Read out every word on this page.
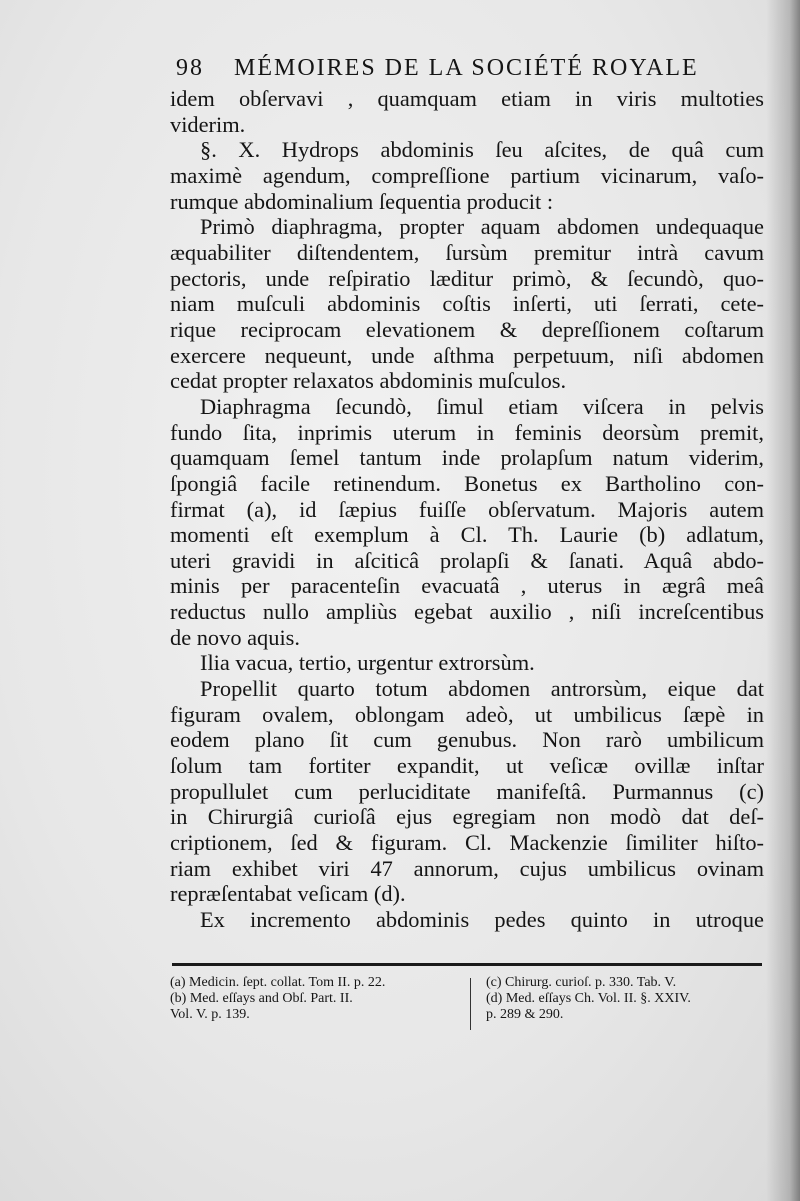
98 MÉMOIRES DE LA SOCIÉTÉ ROYALE
idem obſervavi , quamquam etiam in viris multoties
viderim.
§. X. Hydrops abdominis ſeu aſcites, de quâ cum
maximè agendum, compreſſione partium vicinarum, vaſo-
rumque abdominalium ſequentia producit :
Primò diaphragma, propter aquam abdomen undequaque
æquabiliter diſtendentem, ſursùm premitur intrà cavum
pectoris, unde reſpiratio læditur primò, & ſecundò, quo-
niam muſculi abdominis coſtis inſerti, uti ſerrati, cete-
rique reciprocam elevationem & depreſſionem coſtarum
exercere nequeunt, unde aſthma perpetuum, niſi abdomen
cedat propter relaxatos abdominis muſculos.
Diaphragma ſecundò, ſimul etiam viſcera in pelvis
fundo ſita, inprimis uterum in feminis deorsùm premit,
quamquam ſemel tantum inde prolapſum natum viderim,
ſpongiâ facile retinendum. Bonetus ex Bartholino con-
firmat (a), id ſæpius fuiſſe obſervatum. Majoris autem
momenti eſt exemplum à Cl. Th. Laurie (b) adlatum,
uteri gravidi in aſciticâ prolapſi & ſanati. Aquâ abdo-
minis per paracenteſin evacuatâ , uterus in ægrâ meâ
reductus nullo ampliùs egebat auxilio , niſi increſcentibus
de novo aquis.
Ilia vacua, tertio, urgentur extrorsùm.
Propellit quarto totum abdomen antrorsùm, eique dat
figuram ovalem, oblongam adeò, ut umbilicus ſæpè in
eodem plano ſit cum genubus. Non rarò umbilicum
ſolum tam fortiter expandit, ut veſicæ ovillæ inſtar
propullulet cum perluciditate manifeſtâ. Purmannus (c)
in Chirurgiâ curioſâ ejus egregiam non modò dat deſ-
criptionem, ſed & figuram. Cl. Mackenzie ſimiliter hiſto-
riam exhibet viri 47 annorum, cujus umbilicus ovinam
repræſentabat veſicam (d).
Ex incremento abdominis pedes quinto in utroque
(a) Medicin. ſept. collat. Tom II. p. 22.
(b) Med. eſſays and Obſ. Part. II.
Vol. V. p. 139.
(c) Chirurg. curioſ. p. 330. Tab. V.
(d) Med. eſſays Ch. Vol. II. §. XXIV.
p. 289 & 290.
